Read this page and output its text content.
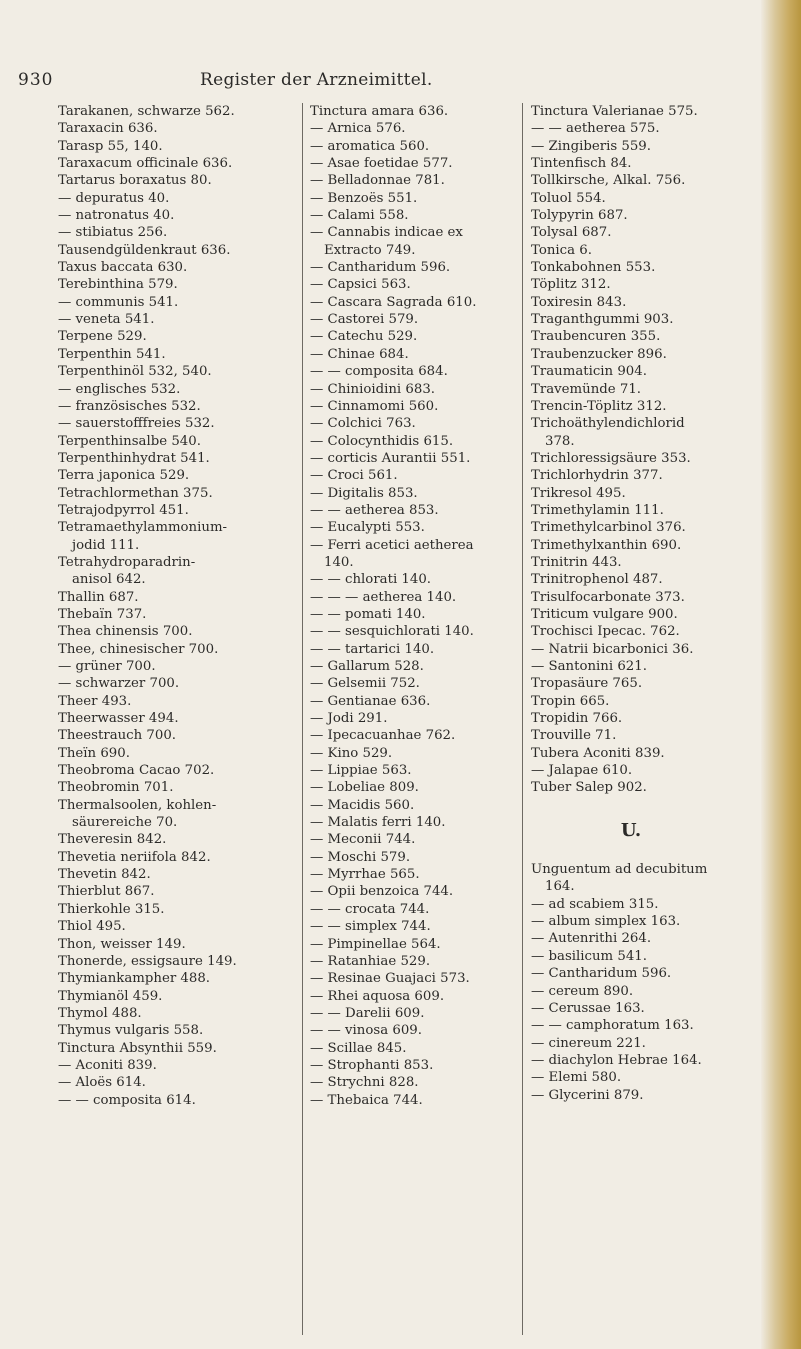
930	Register der Arzneimittel.
Tarakanen, schwarze 562.
Taraxacin 636.
Tarasp 55, 140.
Taraxacum officinale 636.
Tartarus boraxatus 80.
— depuratus 40.
— natronatus 40.
— stibiatus 256.
Tausendgüldenkraut 636.
Taxus baccata 630.
Terebinthina 579.
— communis 541.
— veneta 541.
Terpene 529.
Terpenthin 541.
Terpenthinöl 532, 540.
— englisches 532.
— französisches 532.
— sauerstofffreies 532.
Terpenthinsalbe 540.
Terpenthinhydrat 541.
Terra japonica 529.
Tetrachlormethan 375.
Tetrajodpyrrol 451.
Tetramaethylammonium-
jodid 111.
Tetrahydroparadrin-
anisol 642.
Thallin 687.
Thebaïn 737.
Thea chinensis 700.
Thee, chinesischer 700.
— grüner 700.
— schwarzer 700.
Theer 493.
Theerwasser 494.
Theestrauch 700.
Theïn 690.
Theobroma Cacao 702.
Theobromin 701.
Thermalsoolen, kohlen-
säurereiche 70.
Theveresin 842.
Thevetia neriifola 842.
Thevetin 842.
Thierblut 867.
Thierkohle 315.
Thiol 495.
Thon, weisser 149.
Thonerde, essigsaure 149.
Thymiankampher 488.
Thymianöl 459.
Thymol 488.
Thymus vulgaris 558.
Tinctura Absynthii 559.
— Aconiti 839.
— Aloës 614.
— — composita 614.
Tinctura amara 636.
— Arnica 576.
— aromatica 560.
— Asae foetidae 577.
— Belladonnae 781.
— Benzoës 551.
— Calami 558.
— Cannabis indicae ex
Extracto 749.
— Cantharidum 596.
— Capsici 563.
— Cascara Sagrada 610.
— Castorei 579.
— Catechu 529.
— Chinae 684.
— — composita 684.
— Chinioidini 683.
— Cinnamomi 560.
— Colchici 763.
— Colocynthidis 615.
— corticis Aurantii 551.
— Croci 561.
— Digitalis 853.
— — aetherea 853.
— Eucalypti 553.
— Ferri acetici aetherea
140.
— — chlorati 140.
— — — aetherea 140.
— — pomati 140.
— — sesquichlorati 140.
— — tartarici 140.
— Gallarum 528.
— Gelsemii 752.
— Gentianae 636.
— Jodi 291.
— Ipecacuanhae 762.
— Kino 529.
— Lippiae 563.
— Lobeliae 809.
— Macidis 560.
— Malatis ferri 140.
— Meconii 744.
— Moschi 579.
— Myrrhae 565.
— Opii benzoica 744.
— — crocata 744.
— — simplex 744.
— Pimpinellae 564.
— Ratanhiae 529.
— Resinae Guajaci 573.
— Rhei aquosa 609.
— — Darelii 609.
— — vinosa 609.
— Scillae 845.
— Strophanti 853.
— Strychni 828.
— Thebaica 744.
Tinctura Valerianae 575.
— — aetherea 575.
— Zingiberis 559.
Tintenfisch 84.
Tollkirsche, Alkal. 756.
Toluol 554.
Tolypyrin 687.
Tolysal 687.
Tonica 6.
Tonkabohnen 553.
Töplitz 312.
Toxiresin 843.
Traganthgummi 903.
Traubencuren 355.
Traubenzucker 896.
Traumaticin 904.
Travemünde 71.
Trencin-Töplitz 312.
Trichoäthylendichlorid
378.
Trichloressigsäure 353.
Trichlorhydrin 377.
Trikresol 495.
Trimethylamin 111.
Trimethylcarbinol 376.
Trimethylxanthin 690.
Trinitrin 443.
Trinitrophenol 487.
Trisulfocarbonate 373.
Triticum vulgare 900.
Trochisci Ipecac. 762.
— Natrii bicarbonici 36.
— Santonini 621.
Tropasäure 765.
Tropin 665.
Tropidin 766.
Trouville 71.
Tubera Aconiti 839.
— Jalapae 610.
Tuber Salep 902.
U.
Unguentum ad decubitum
164.
— ad scabiem 315.
— album simplex 163.
— Autenrithi 264.
— basilicum 541.
— Cantharidum 596.
— cereum 890.
— Cerussae 163.
— — camphoratum 163.
— cinereum 221.
— diachylon Hebrae 164.
— Elemi 580.
— Glycerini 879.
